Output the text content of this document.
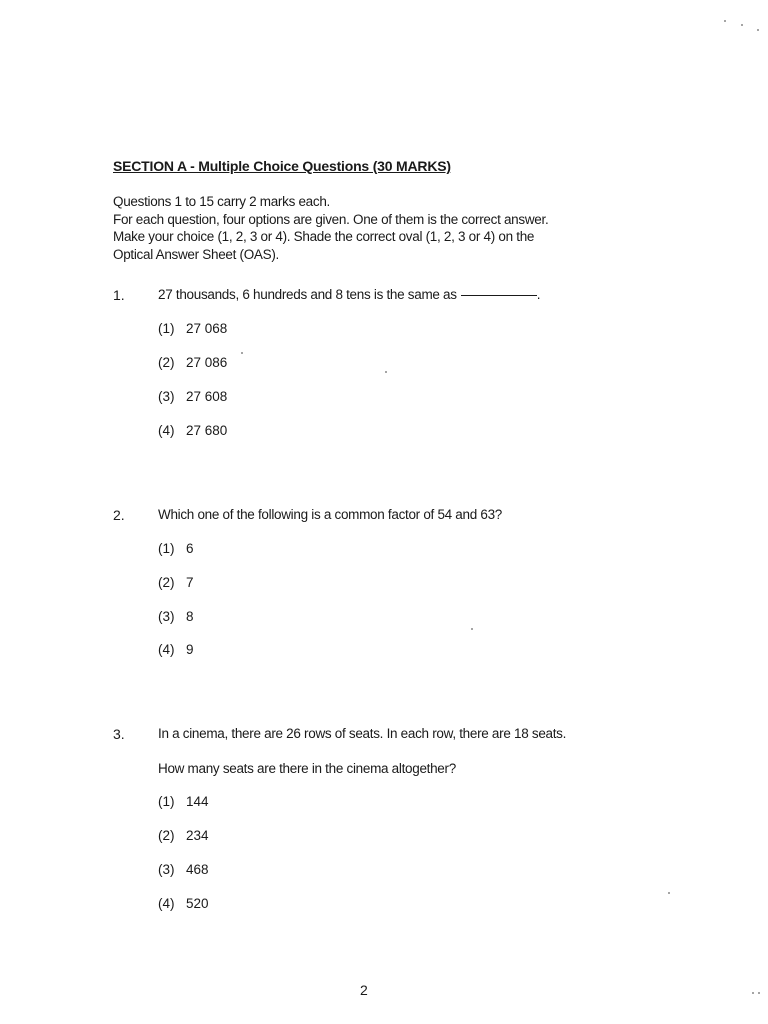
SECTION A - Multiple Choice Questions (30 MARKS)
Questions 1 to 15 carry 2 marks each.
For each question, four options are given. One of them is the correct answer.
Make your choice (1, 2, 3 or 4). Shade the correct oval (1, 2, 3 or 4) on the
Optical Answer Sheet (OAS).
1. 27 thousands, 6 hundreds and 8 tens is the same as	.
(1) 27 068
(2) 27 086
(3) 27 608
(4) 27 680
2. Which one of the following is a common factor of 54 and 63?
(1) 6
(2) 7
(3) 8
(4) 9
3. In a cinema, there are 26 rows of seats. In each row, there are 18 seats.
How many seats are there in the cinema altogether?
(1) 144
(2) 234
(3) 468
(4) 520
2
